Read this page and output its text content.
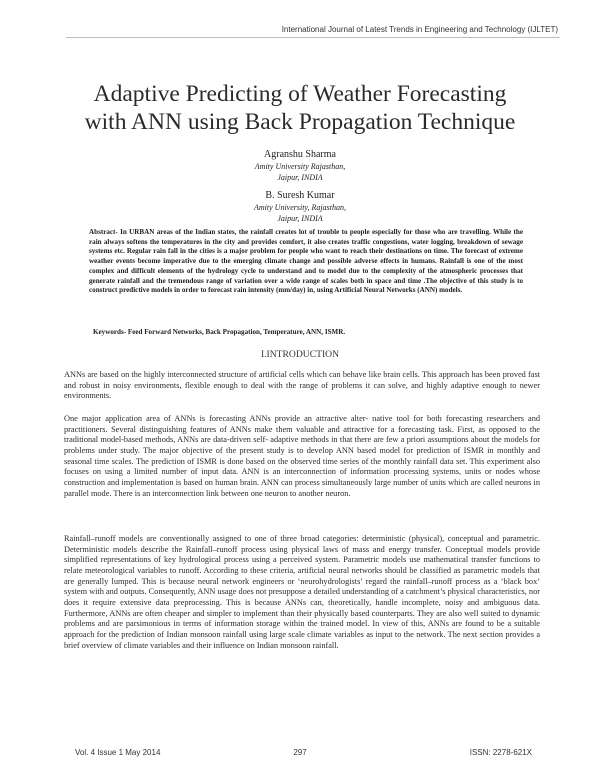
International Journal of Latest Trends in Engineering and Technology (IJLTET)
Adaptive Predicting of Weather Forecasting
with ANN using Back Propagation Technique
Agranshu Sharma
Amity University Rajasthan,
Jaipur, INDIA
B. Suresh Kumar
Amity University, Rajasthan,
Jaipur, INDIA
Abstract- In URBAN areas of the Indian states, the rainfall creates lot of trouble to people especially for those who are travelling. While the rain always softens the temperatures in the city and provides comfort, it also creates traffic congestions, water logging, breakdown of sewage systems etc. Regular rain fall in the cities is a major problem for people who want to reach their destinations on time. The forecast of extreme weather events become imperative due to the emerging climate change and possible adverse effects in humans. Rainfall is one of the most complex and difficult elements of the hydrology cycle to understand and to model due to the complexity of the atmospheric processes that generate rainfall and the tremendous range of variation over a wide range of scales both in space and time .The objective of this study is to construct predictive models in order to forecast rain intensity (mm/day) in, using Artificial Neural Networks (ANN) models.
Keywords- Feed Forward Networks, Back Propagation, Temperature, ANN, ISMR.
I.INTRODUCTION

ANNs are based on the highly interconnected structure of artificial cells which can behave like brain cells. This approach has been proved fast and robust in noisy environments, flexible enough to deal with the range of problems it can solve, and highly adaptive enough to newer environments.

One major application area of ANNs is forecasting ANNs provide an attractive alter- native tool for both forecasting researchers and practitioners. Several distinguishing features of ANNs make them valuable and attractive for a forecasting task. First, as opposed to the traditional model-based methods, ANNs are data-driven self- adaptive methods in that there are few a priori assumptions about the models for problems under study. The major objective of the present study is to develop ANN based model for prediction of ISMR in monthly and seasonal time scales. The prediction of ISMR is done based on the observed time series of the monthly rainfall data set. This experiment also focuses on using a limited number of input data. ANN is an interconnection of information processing systems, units or nodes whose construction and implementation is based on human brain. ANN can process simultaneously large number of units which are called neurons in parallel mode. There is an interconnection link between one neuron to another neuron.

Rainfall–runoff models are conventionally assigned to one of three broad categories: deterministic (physical), conceptual and parametric. Deterministic models describe the Rainfall–runoff process using physical laws of mass and energy transfer. Conceptual models provide simplified representations of key hydrological process using a perceived system. Parametric models use mathematical transfer functions to relate meteorological variables to runoff. According to these criteria, artificial neural networks should be classified as parametric models that are generally lumped. This is because neural network engineers or ‘neurohydrologists’ regard the rainfall–runoff process as a ‘black box’ system with and outputs. Consequently, ANN usage does not presuppose a detailed understanding of a catchment’s physical characteristics, nor does it require extensive data preprocessing. This is because ANNs can, theoretically, handle incomplete, noisy and ambiguous data. Furthermore, ANNs are often cheaper and simpler to implement than their physically based counterparts. They are also well suited to dynamic problems and are parsimonious in terms of information storage within the trained model. In view of this, ANNs are found to be a suitable approach for the prediction of Indian monsoon rainfall using large scale climate variables as input to the network. The next section provides a brief overview of climate variables and their influence on Indian monsoon rainfall.

Vol. 4 Issue 1 May 2014	297	ISSN: 2278-621X
